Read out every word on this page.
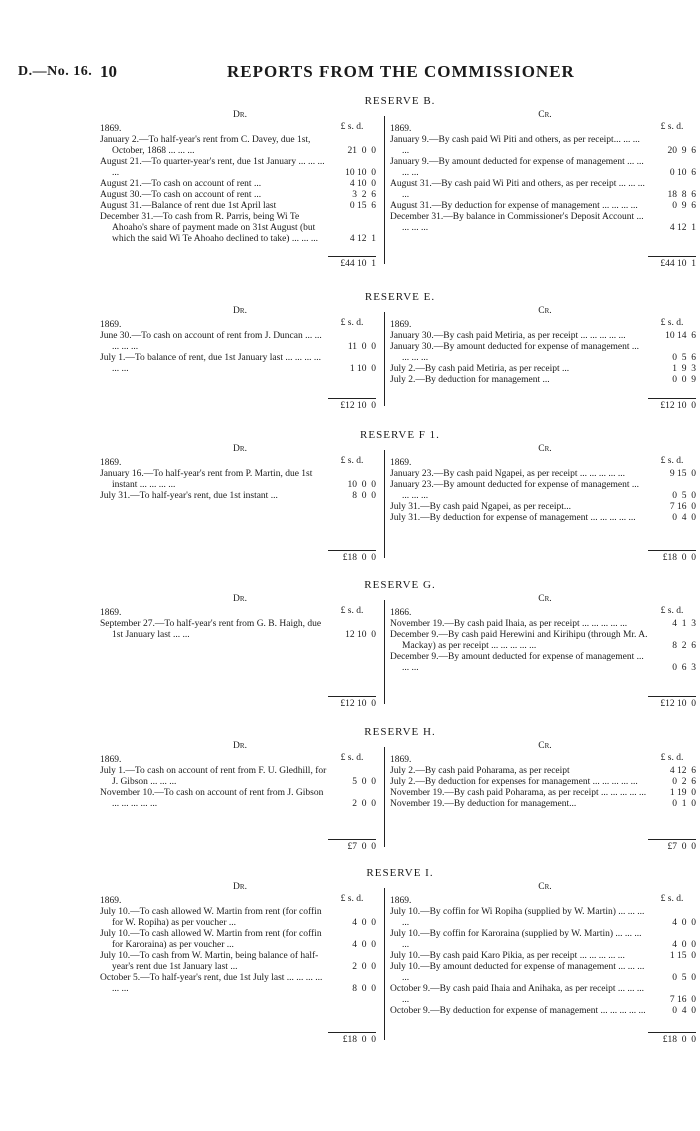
D.—No. 16. 10	REPORTS FROM THE COMMISSIONER
RESERVE B.
Dr.
£ s. d.
1869.
January 2.—To half-year's rent from C. Davey, due 1st, October, 1868 ... ... ...	21  0  0
August 21.—To quarter-year's rent, due 1st January ... ... ... ...	10 10  0
August 21.—To cash on account of rent ...	4 10  0
August 30.—To cash on account of rent ...	3  2  6
August 31.—Balance of rent due 1st April last	0 15  6
December 31.—To cash from R. Parris, being Wi Te Ahoaho's share of payment made on 31st August (but which the said Wi Te Ahoaho declined to take) ... ... ...	4 12  1
£44 10  1
Cr.
£ s. d.
1869.
January 9.—By cash paid Wi Piti and others, as per receipt... ... ... ...	20  9  6
January 9.—By amount deducted for expense of management ... ... ... ...	0 10  6
August 31.—By cash paid Wi Piti and others, as per receipt ... ... ... ...	18  8  6
August 31.—By deduction for expense of management ... ... ... ...	0  9  6
December 31.—By balance in Commissioner's Deposit Account ... ... ... ...	4 12  1
£44 10  1
RESERVE E.
Dr.
£ s. d.
1869.
June 30.—To cash on account of rent from J. Duncan ... ... ... ... ...	11  0  0
July 1.—To balance of rent, due 1st January last ... ... ... ... ... ...	1 10  0
£12 10  0
Cr.
£ s. d.
1869.
January 30.—By cash paid Metiria, as per receipt ... ... ... ... ...	10 14  6
January 30.—By amount deducted for expense of management ... ... ... ...	0  5  6
July 2.—By cash paid Metiria, as per receipt ...	1  9  3
July 2.—By deduction for management ...	0  0  9
£12 10  0
RESERVE F 1.
Dr.
£ s. d.
1869.
January 16.—To half-year's rent from P. Martin, due 1st instant ... ... ... ...	10  0  0
July 31.—To half-year's rent, due 1st instant ...	8  0  0
£18  0  0
Cr.
£ s. d.
1869.
January 23.—By cash paid Ngapei, as per receipt ... ... ... ... ...	9 15  0
January 23.—By amount deducted for expense of management ... ... ... ...	0  5  0
July 31.—By cash paid Ngapei, as per receipt...	7 16  0
July 31.—By deduction for expense of management ... ... ... ... ...	0  4  0
£18  0  0
RESERVE G.
Dr.
£ s. d.
1869.
September 27.—To half-year's rent from G. B. Haigh, due 1st January last ... ...	12 10  0
£12 10  0
Cr.
£ s. d.
1866.
November 19.—By cash paid Ihaia, as per receipt ... ... ... ... ...	4  1  3
December 9.—By cash paid Herewini and Kirihipu (through Mr. A. Mackay) as per receipt ... ... ... ... ...	8  2  6
December 9.—By amount deducted for expense of management ... ... ...	0  6  3
£12 10  0
RESERVE H.
Dr.
£ s. d.
1869.
July 1.—To cash on account of rent from F. U. Gledhill, for J. Gibson ... ... ...	5  0  0
November 10.—To cash on account of rent from J. Gibson ... ... ... ... ...	2  0  0
£7  0  0
Cr.
£ s. d.
1869.
July 2.—By cash paid Poharama, as per receipt	4 12  6
July 2.—By deduction for expenses for management ... ... ... ... ...	0  2  6
November 19.—By cash paid Poharama, as per receipt ... ... ... ... ...	1 19  0
November 19.—By deduction for management...	0  1  0
£7  0  0
RESERVE I.
Dr.
£ s. d.
1869.
July 10.—To cash allowed W. Martin from rent (for coffin for W. Ropiha) as per voucher ...	4  0  0
July 10.—To cash allowed W. Martin from rent (for coffin for Karoraina) as per voucher ...	4  0  0
July 10.—To cash from W. Martin, being balance of half-year's rent due 1st January last ...	2  0  0
October 5.—To half-year's rent, due 1st July last ... ... ... ... ... ...	8  0  0
£18  0  0
Cr.
£ s. d.
1869.
July 10.—By coffin for Wi Ropiha (supplied by W. Martin) ... ... ... ...	4  0  0
July 10.—By coffin for Karoraina (supplied by W. Martin) ... ... ... ...	4  0  0
July 10.—By cash paid Karo Pikia, as per receipt ... ... ... ... ...	1 15  0
July 10.—By amount deducted for expense of management ... ... ... ...	0  5  0
October 9.—By cash paid Ihaia and Anihaka, as per receipt ... ... ... ...	7 16  0
October 9.—By deduction for expense of management ... ... ... ... ...	0  4  0
£18  0  0
